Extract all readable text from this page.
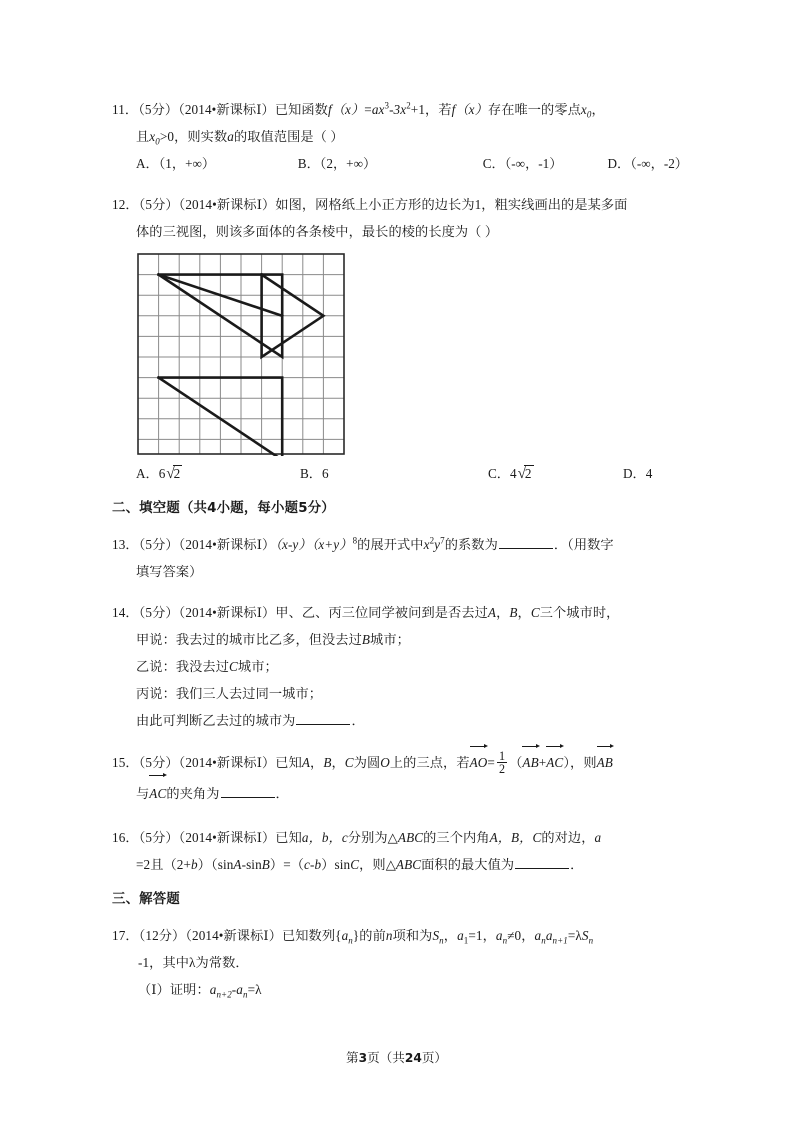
11．（5分）（2014•新课标Ⅰ）已知函数$f(x)=ax^3-3x^2+1$，若f（x）存在唯一的零点$x_0$，
且$x_0>0$，则实数a的取值范围是（ ）
A．（1，+∞）	B．（2，+∞）	C．（-∞，-1）	D．（-∞，-2）
12．（5分）（2014•新课标Ⅰ）如图，网格纸上小正方形的边长为1，粗实线画出的是某多面
体的三视图，则该多面体的各条棱中，最长的棱的长度为（ ）
A．6√2	B．6	C．4√2	D．4
二、填空题（共4小题，每小题5分）
13．（5分）（2014•新课标$Ⅰ)(x-y)(x+y)^8$的展开式中$x^2y^7$的系数为	．（用数字
填写答案）
14．（5分）（2014•新课标Ⅰ）甲、乙、丙三位同学被问到是否去过A，B，C三个城市时，
甲说：我去过的城市比乙多，但没去过B城市；
乙说：我没去过C城市；
丙说：我们三人去过同一城市；
由此可判断乙去过的城市为	．
15．（5分）（2014•新课标Ⅰ）已知A，B，C为圆O上的三点，若
$AO= \frac{1}{2}$ （
AB+
AC），则
AB
与
AC的夹角为	．
16．（5分）（2014•新课标Ⅰ）已知a，b，c分别为△ABC的三个内角A，B，C的对边，a
=2且（2+b）（sinA-sinB）=（c-b）sinC，则△ABC面积的最大值为	．
三、解答题
17．（12分）（2014•新课标Ⅰ）已知数列$\{a_n\}$的前n项和为$S_n$，$a_1=1$，$a_n\ne 0$，$a_na_{n+1}=\lambda S_n$
-1，其中λ为常数．
（Ⅰ）证明：$a_{n+2}-a_n=\lambda$
第3页（共24页）
